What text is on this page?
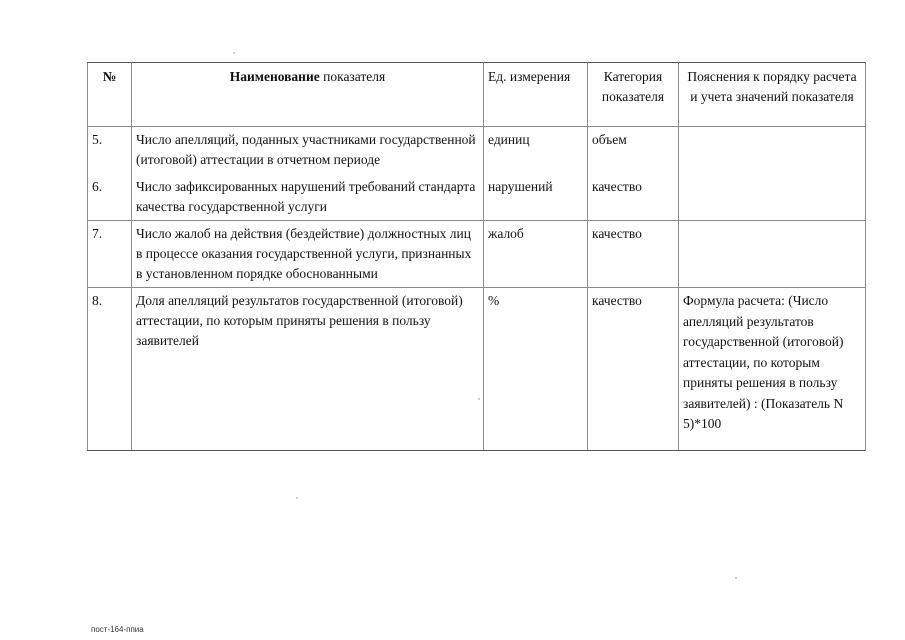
№	Наименование показателя	Ед. измерения	Категория показателя	Пояснения к порядку расчета и учета значений показателя
5.	Число апелляций, поданных участниками государственной (итоговой) аттестации в отчетном периоде	единиц	объем	
6.	Число зафиксированных нарушений требований стандарта качества государственной услуги	нарушений	качество	
7.	Число жалоб на действия (бездействие) должностных лиц в процессе оказания государственной услуги, признанных в установленном порядке обоснованными	жалоб	качество	
8.	Доля апелляций результатов государственной (итоговой) аттестации, по которым приняты решения в пользу заявителей	%	качество	Формула расчета: (Число апелляций результатов государственной (итоговой) аттестации, по которым приняты решения в пользу заявителей) : (Показатель N 5)*100
пост-164-ппиа
